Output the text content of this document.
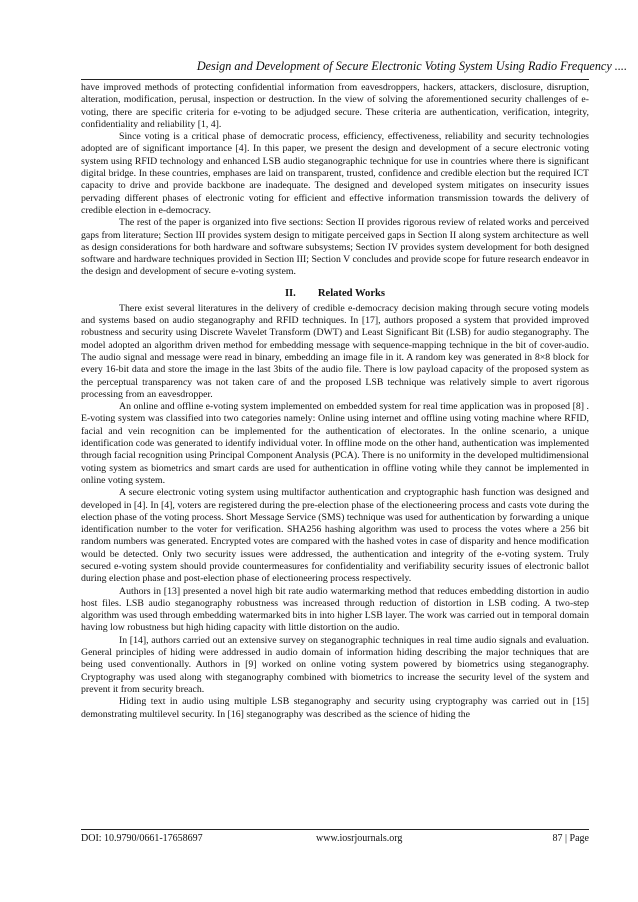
Design and Development of Secure Electronic Voting System Using Radio Frequency ....

have improved methods of protecting confidential information from eavesdroppers, hackers, attackers, disclosure, disruption, alteration, modification, perusal, inspection or destruction. In the view of solving the aforementioned security challenges of e-voting, there are specific criteria for e-voting to be adjudged secure. These criteria are authentication, verification, integrity, confidentiality and reliability [1, 4].

Since voting is a critical phase of democratic process, efficiency, effectiveness, reliability and security technologies adopted are of significant importance [4]. In this paper, we present the design and development of a secure electronic voting system using RFID technology and enhanced LSB audio steganographic technique for use in countries where there is significant digital bridge. In these countries, emphases are laid on transparent, trusted, confidence and credible election but the required ICT capacity to drive and provide backbone are inadequate. The designed and developed system mitigates on insecurity issues pervading different phases of electronic voting for efficient and effective information transmission towards the delivery of credible election in e-democracy.

The rest of the paper is organized into five sections: Section II provides rigorous review of related works and perceived gaps from literature; Section III provides system design to mitigate perceived gaps in Section II along system architecture as well as design considerations for both hardware and software subsystems; Section IV provides system development for both designed software and hardware techniques provided in Section III; Section V concludes and provide scope for future research endeavor in the design and development of secure e-voting system.

II. Related Works

There exist several literatures in the delivery of credible e-democracy decision making through secure voting models and systems based on audio steganography and RFID techniques. In [17], authors proposed a system that provided improved robustness and security using Discrete Wavelet Transform (DWT) and Least Significant Bit (LSB) for audio steganography. The model adopted an algorithm driven method for embedding message with sequence-mapping technique in the bit of cover-audio. The audio signal and message were read in binary, embedding an image file in it. A random key was generated in 8×8 block for every 16-bit data and store the image in the last 3bits of the audio file. There is low payload capacity of the proposed system as the perceptual transparency was not taken care of and the proposed LSB technique was relatively simple to avert rigorous processing from an eavesdropper.

An online and offline e-voting system implemented on embedded system for real time application was in proposed [8] . E-voting system was classified into two categories namely: Online using internet and offline using voting machine where RFID, facial and vein recognition can be implemented for the authentication of electorates. In the online scenario, a unique identification code was generated to identify individual voter. In offline mode on the other hand, authentication was implemented through facial recognition using Principal Component Analysis (PCA). There is no uniformity in the developed multidimensional voting system as biometrics and smart cards are used for authentication in offline voting while they cannot be implemented in online voting system.

A secure electronic voting system using multifactor authentication and cryptographic hash function was designed and developed in [4]. In [4], voters are registered during the pre-election phase of the electioneering process and casts vote during the election phase of the voting process. Short Message Service (SMS) technique was used for authentication by forwarding a unique identification number to the voter for verification. SHA256 hashing algorithm was used to process the votes where a 256 bit random numbers was generated. Encrypted votes are compared with the hashed votes in case of disparity and hence modification would be detected. Only two security issues were addressed, the authentication and integrity of the e-voting system. Truly secured e-voting system should provide countermeasures for confidentiality and verifiability security issues of electronic ballot during election phase and post-election phase of electioneering process respectively.

Authors in [13] presented a novel high bit rate audio watermarking method that reduces embedding distortion in audio host files. LSB audio steganography robustness was increased through reduction of distortion in LSB coding. A two-step algorithm was used through embedding watermarked bits in into higher LSB layer. The work was carried out in temporal domain having low robustness but high hiding capacity with little distortion on the audio.

In [14], authors carried out an extensive survey on steganographic techniques in real time audio signals and evaluation. General principles of hiding were addressed in audio domain of information hiding describing the major techniques that are being used conventionally. Authors in [9] worked on online voting system powered by biometrics using steganography. Cryptography was used along with steganography combined with biometrics to increase the security level of the system and prevent it from security breach.

Hiding text in audio using multiple LSB steganography and security using cryptography was carried out in [15] demonstrating multilevel security. In [16] steganography was described as the science of hiding the

DOI: 10.9790/0661-17658697	www.iosrjournals.org	87 | Page
